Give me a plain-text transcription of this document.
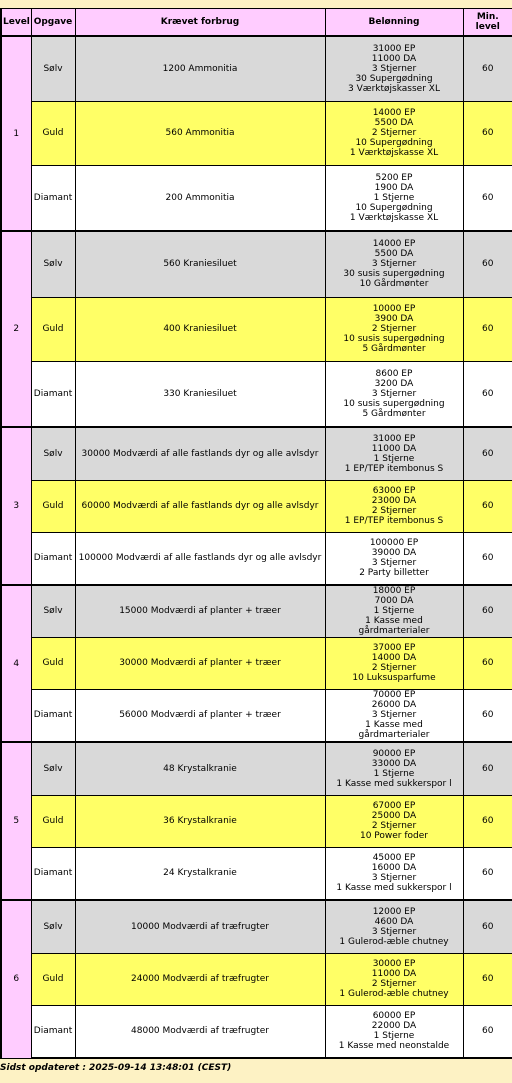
Level	Opgave	Krævet forbrug	Belønning	Min. level
1	Sølv	1200 Ammonitia	31000 EP
11000 DA
3 Stjerner
30 Supergødning
3 Værktøjskasser XL	60
	Guld	560 Ammonitia	14000 EP
5500 DA
2 Stjerner
10 Supergødning
1 Værktøjskasse XL	60
	Diamant	200 Ammonitia	5200 EP
1900 DA
1 Stjerne
10 Supergødning
1 Værktøjskasse XL	60
2	Sølv	560 Kraniesiluet	14000 EP
5500 DA
3 Stjerner
30 susis supergødning
10 Gårdmønter	60
	Guld	400 Kraniesiluet	10000 EP
3900 DA
2 Stjerner
10 susis supergødning
5 Gårdmønter	60
	Diamant	330 Kraniesiluet	8600 EP
3200 DA
3 Stjerner
10 susis supergødning
5 Gårdmønter	60
3	Sølv	30000 Modværdi af alle fastlands dyr og alle avlsdyr	31000 EP
11000 DA
1 Stjerne
1 EP/TEP itembonus S	60
	Guld	60000 Modværdi af alle fastlands dyr og alle avlsdyr	63000 EP
23000 DA
2 Stjerner
1 EP/TEP itembonus S	60
	Diamant	100000 Modværdi af alle fastlands dyr og alle avlsdyr	100000 EP
39000 DA
3 Stjerner
2 Party billetter	60
4	Sølv	15000 Modværdi af planter + træer	18000 EP
7000 DA
1 Stjerne
1 Kasse med
gårdmarterialer	60
	Guld	30000 Modværdi af planter + træer	37000 EP
14000 DA
2 Stjerner
10 Luksusparfume	60
	Diamant	56000 Modværdi af planter + træer	70000 EP
26000 DA
3 Stjerner
1 Kasse med
gårdmarterialer	60
5	Sølv	48 Krystalkranie	90000 EP
33000 DA
1 Stjerne
1 Kasse med sukkerspor l	60
	Guld	36 Krystalkranie	67000 EP
25000 DA
2 Stjerner
10 Power foder	60
	Diamant	24 Krystalkranie	45000 EP
16000 DA
3 Stjerner
1 Kasse med sukkerspor l	60
6	Sølv	10000 Modværdi af træfrugter	12000 EP
4600 DA
3 Stjerner
1 Gulerod-æble chutney	60
	Guld	24000 Modværdi af træfrugter	30000 EP
11000 DA
2 Stjerner
1 Gulerod-æble chutney	60
	Diamant	48000 Modværdi af træfrugter	60000 EP
22000 DA
1 Stjerne
1 Kasse med neonstalde	60
Sidst opdateret : 2025-09-14 13:48:01 (CEST)
